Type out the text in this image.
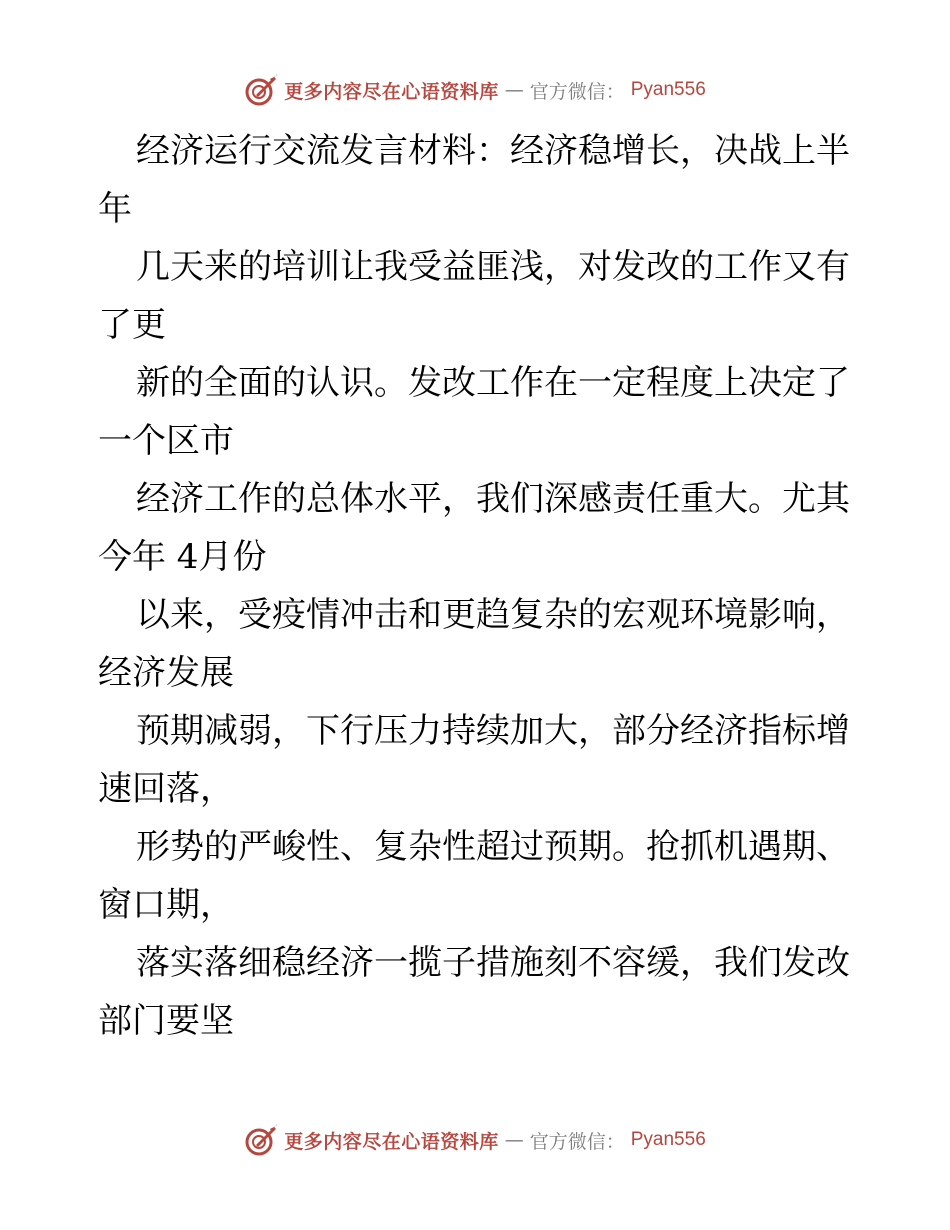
更多内容尽在心语资料库 — 官方微信： Pyan556
经济运行交流发言材料：经济稳增长，决战上半
年
几天来的培训让我受益匪浅，对发改的工作又有
了更
新的全面的认识。发改工作在一定程度上决定了
一个区市
经济工作的总体水平，我们深感责任重大。尤其
今年 4月份
以来，受疫情冲击和更趋复杂的宏观环境影响，
经济发展
预期减弱，下行压力持续加大，部分经济指标增
速回落，
形势的严峻性、复杂性超过预期。抢抓机遇期、
窗口期，
落实落细稳经济一揽子措施刻不容缓，我们发改
部门要坚
更多内容尽在心语资料库 — 官方微信： Pyan556
